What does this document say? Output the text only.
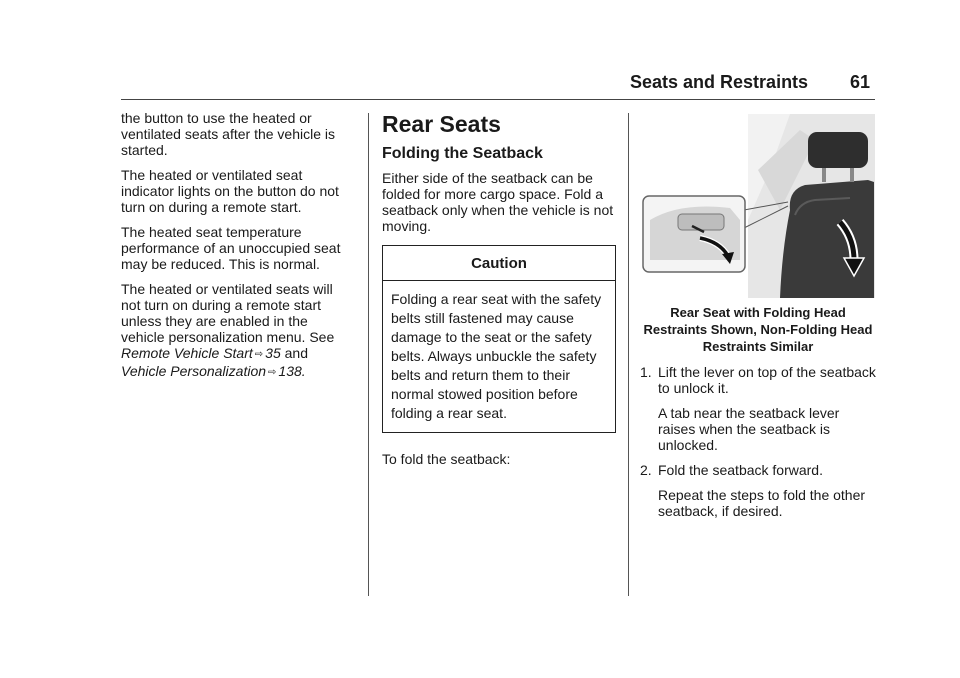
Seats and Restraints 61

the button to use the heated or ventilated seats after the vehicle is started.

The heated or ventilated seat indicator lights on the button do not turn on during a remote start.

The heated seat temperature performance of an unoccupied seat may be reduced. This is normal.

The heated or ventilated seats will not turn on during a remote start unless they are enabled in the vehicle personalization menu. See Remote Vehicle Start ⇨ 35 and Vehicle Personalization ⇨ 138.

Rear Seats
Folding the Seatback

Either side of the seatback can be folded for more cargo space. Fold a seatback only when the vehicle is not moving.

Caution
Folding a rear seat with the safety belts still fastened may cause damage to the seat or the safety belts. Always unbuckle the safety belts and return them to their normal stowed position before folding a rear seat.

To fold the seatback:

Rear Seat with Folding Head Restraints Shown, Non-Folding Head Restraints Similar
1. Lift the lever on top of the seatback to unlock it.

A tab near the seatback lever raises when the seatback is unlocked.

2. Fold the seatback forward.

Repeat the steps to fold the other seatback, if desired.
